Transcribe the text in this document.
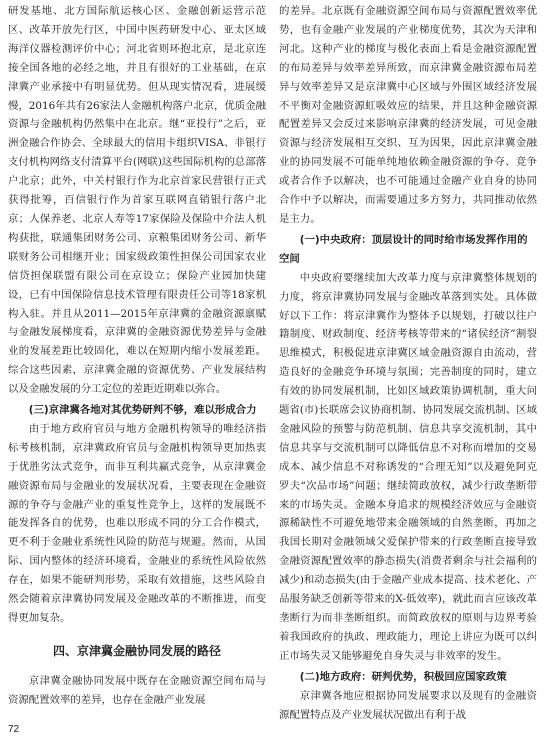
研发基地、北方国际航运核心区、金融创新运营示范区、改革开放先行区，中国中医药研发中心、亚太区域海洋仪器检测评价中心；河北省则环抱北京，是北京连接全国各地的必经之地，并且有很好的工业基础，在京津冀产业承接中有明显优势。但从现实情况看，进展缓慢，2016年共有26家法人金融机构落户北京，优质金融资源与金融机构仍然集中在北京。继“亚投行”之后，亚洲金融合作协会、全球最大的信用卡组织VISA、非银行支付机构网络支付清算平台(网联)这些国际机构的总部落户北京；此外，中关村银行作为北京首家民营银行正式获得批筹，百信银行作为首家互联网直销银行落户北京；人保养老、北京人寿等17家保险及保险中介法人机构获批，联通集团财务公司、京粮集团财务公司、新华联财务公司相继开业；国家级政策性担保公司国家农业信贷担保联盟有限公司在京设立；保险产业园加快建设，已有中国保险信息技术管理有限责任公司等18家机构入驻。并且从2011—2015年京津冀的金融资源禀赋与金融发展梯度看，京津冀的金融资源优势差异与金融业的发展差距比较固化，难以在短期内缩小发展差距。综合这些因素，京津冀金融的资源优势、产业发展结构以及金融发展的分工定位的差距近期难以弥合。

(三)京津冀各地对其优势研判不够，难以形成合力

由于地方政府官员与地方金融机构领导的唯经济指标考核机制，京津冀政府官员与金融机构领导更加热衷于优胜劣汰式竞争，而非互利共赢式竞争，从京津冀金融资源布局与金融业的发展状况看，主要表现在金融资源的争夺与金融产业的重复性竞争上，这样的发展既不能发挥各自的优势，也难以形成不同的分工合作模式，更不利于金融业系统性风险的防范与规避。然而，从国际、国内整体的经济环境看，金融业的系统性风险依然存在，如果不能研判形势，采取有效措施，这些风险自然会随着京津冀协同发展及金融改革的不断推进，而变得更加复杂。

四、京津冀金融协同发展的路径

京津冀金融协同发展中既存在金融资源空间布局与资源配置效率的差异，也存在金融产业发展

的差异。北京既有金融资源空间布局与资源配置效率优势，也有金融产业发展的产业梯度优势，其次为天津和河北。这种产业的梯度与极化表面上看是金融资源配置的布局差异与效率差异所致，而京津冀金融资源布局差异与效率差异又是京津冀中心区域与外围区域经济发展不平衡对金融资源虹吸效应的结果，并且这种金融资源配置差异又会反过来影响京津冀的经济发展，可见金融资源与经济发展相互交织、互为因果，因此京津冀金融业的协同发展不可能单纯地依赖金融资源的争夺、竞争或者合作予以解决，也不可能通过金融产业自身的协同合作中予以解决，而需要通过多方努力，共同推动依然是主力。

(一)中央政府：顶层设计的同时给市场发挥作用的空间

中央政府要继续加大改革力度与京津冀整体规划的力度，将京津冀协同发展与金融改革落到实处。具体做好以下工作：将京津冀作为整体予以规划，打破以往户籍制度、财政制度、经济考核等带来的“诸侯经济”割裂思维模式，积极促进京津冀区域金融资源自由流动，营造良好的金融竞争环境与氛围；完善制度的同时，建立有效的协同发展机制，比如区域政策协调机制，重大问题省(市)长联席会议协商机制、协同发展交流机制、区域金融风险的预警与防范机制、信息共享交流机制，其中信息共享与交流机制可以降低信息不对称而增加的交易成本、减少信息不对称诱发的“合理无知”以及避免阿克罗夫“次品市场”问题；继续简政放权，减少行政垄断带来的市场失灵。金融本身追求的规模经济效应与金融资源稀缺性不可避免地带来金融领域的自然垄断，再加之我国长期对金融领域父爱保护带来的行政垄断直接导致金融资源配置效率的静态损失(消费者剩余与社会福利的减少)和动态损失(由于金融产业成本提高、技术老化、产品服务缺乏创新等带来的X-低效率)，就此而言应该改革垄断行为而非垄断组织。而简政放权的原则与边界考验着我国政府的执政、理政能力，理论上讲应为既可以纠正市场失灵又能够避免自身失灵与非效率的发生。

(二)地方政府：研判优势，积极回应国家政策

京津冀各地应根据协同发展要求以及现有的金融资源配置特点及产业发展状况做出有利于战

72
